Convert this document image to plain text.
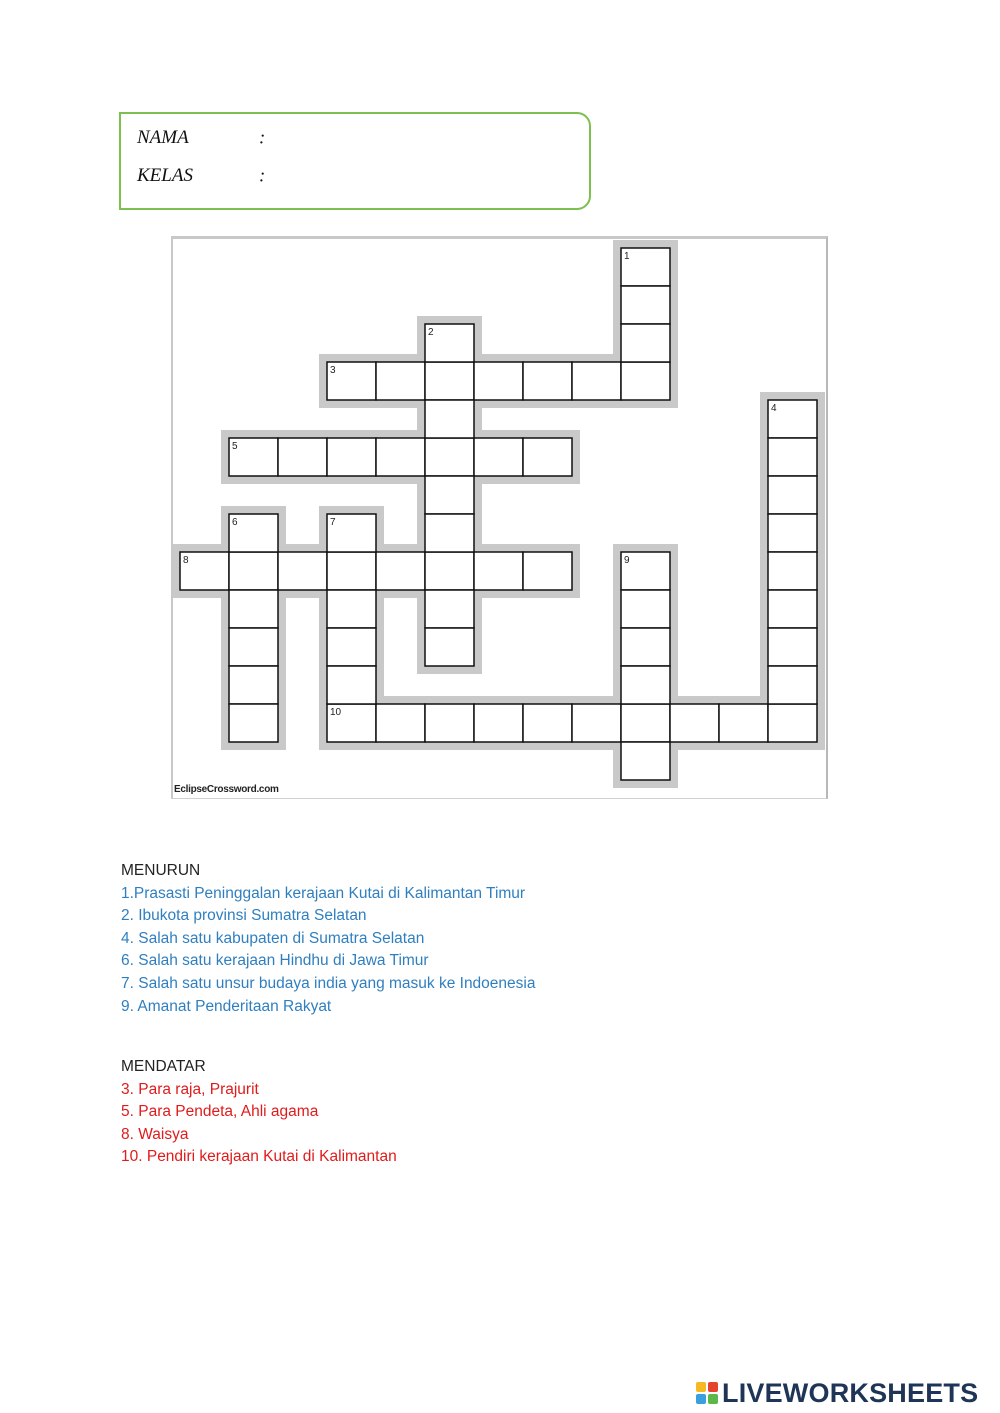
NAMA	:
KELAS	:
3
5
8
10
1
2
4
6	7
9
EclipseCrossword.com
MENURUN
1.Prasasti Peninggalan kerajaan Kutai di Kalimantan Timur
2. Ibukota provinsi Sumatra Selatan
4. Salah satu kabupaten di Sumatra Selatan
6. Salah satu kerajaan Hindhu di Jawa Timur
7. Salah satu unsur budaya india yang masuk ke Indoenesia
9. Amanat Penderitaan Rakyat
MENDATAR
3. Para raja, Prajurit
5. Para Pendeta, Ahli agama
8. Waisya
10. Pendiri kerajaan Kutai di Kalimantan
LIVEWORKSHEETS
